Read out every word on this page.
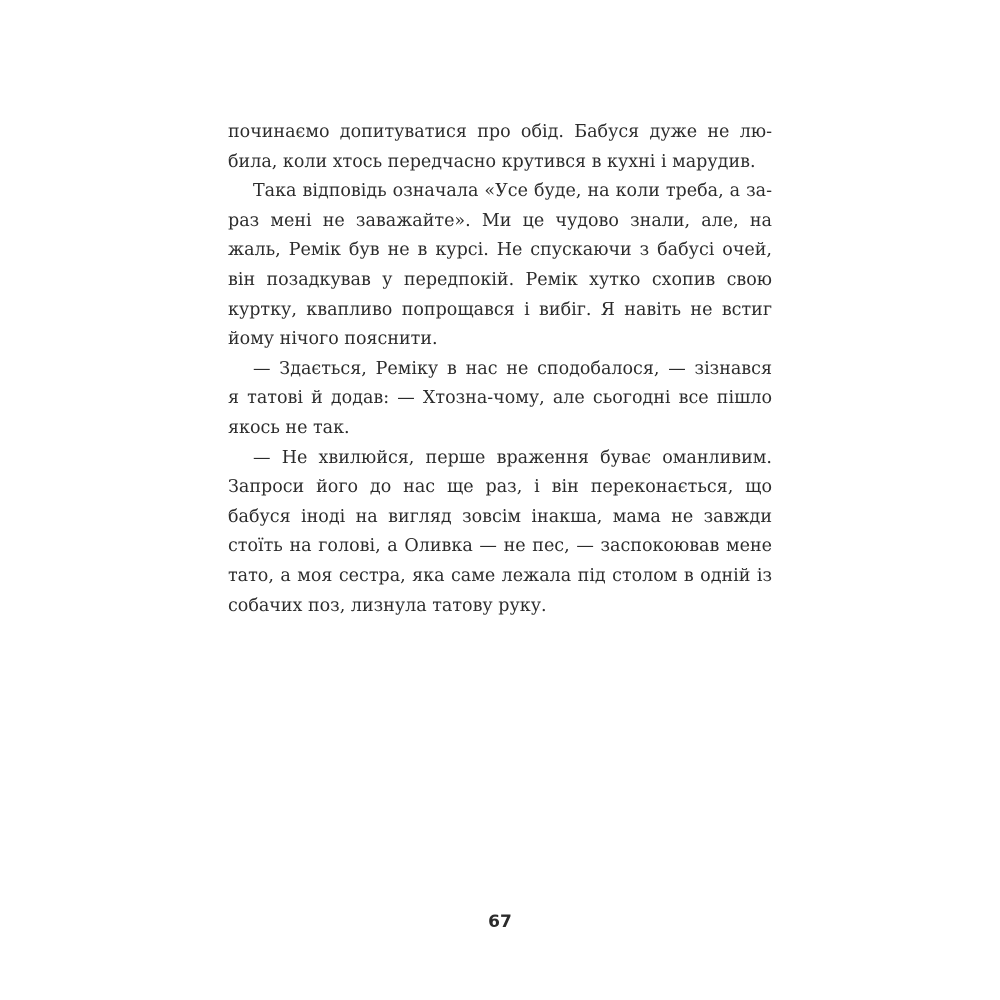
починаємо допитуватися про обід. Бабуся дуже не лю-
била, коли хтось передчасно крутився в кухні і марудив.
Така відповідь означала «Усе буде, на коли треба, а за-
раз мені не заважайте». Ми це чудово знали, але, на
жаль, Ремік був не в курсі. Не спускаючи з бабусі очей,
він позадкував у передпокій. Ремік хутко схопив свою
куртку, квапливо попрощався і вибіг. Я навіть не встиг
йому нічого пояснити.
— Здається, Реміку в нас не сподобалося, — зізнався
я татові й додав: — Хтозна-чому, але сьогодні все пішло
якось не так.
— Не хвилюйся, перше враження буває оманливим.
Запроси його до нас ще раз, і він переконається, що
бабуся іноді на вигляд зовсім інакша, мама не завжди
стоїть на голові, а Оливка — не пес, — заспокоював мене
тато, а моя сестра, яка саме лежала під столом в одній із
собачих поз, лизнула татову руку.
67
